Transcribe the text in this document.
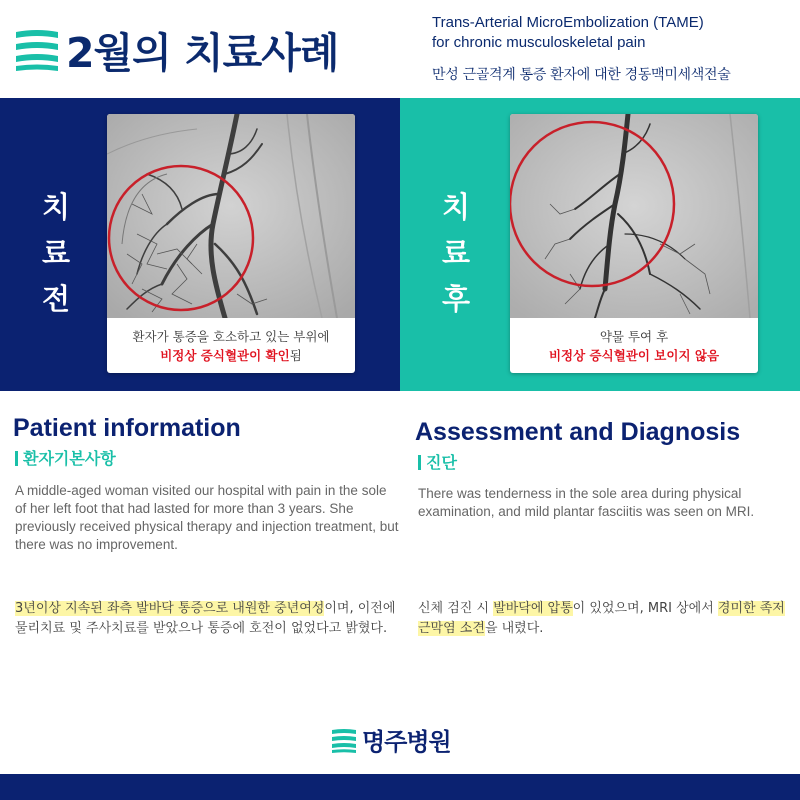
2월의 치료사례
Trans-Arterial MicroEmbolization (TAME)
for chronic musculoskeletal pain
만성 근골격계 통증 환자에 대한 경동맥미세색전술
치
료
전
환자가 통증을 호소하고 있는 부위에
비정상 증식혈관이 확인됨
치
료
후
약물 투여 후
비정상 증식혈관이 보이지 않음
Patient information
환자기본사항
A middle-aged woman visited our hospital with pain in the sole of her left foot that had lasted for more than 3 years. She previously received physical therapy and injection treatment, but there was no improvement.
3년이상 지속된 좌측 발바닥 통증으로 내원한 중년여성이며, 이전에 물리치료 및 주사치료를 받았으나 통증에 호전이 없었다고 밝혔다.
Assessment and Diagnosis
진단
There was tenderness in the sole area during physical examination, and mild plantar fasciitis was seen on MRI.
신체 검진 시 발바닥에 압통이 있었으며, MRI 상에서 경미한 족저근막염 소견을 내렸다.
명주병원
